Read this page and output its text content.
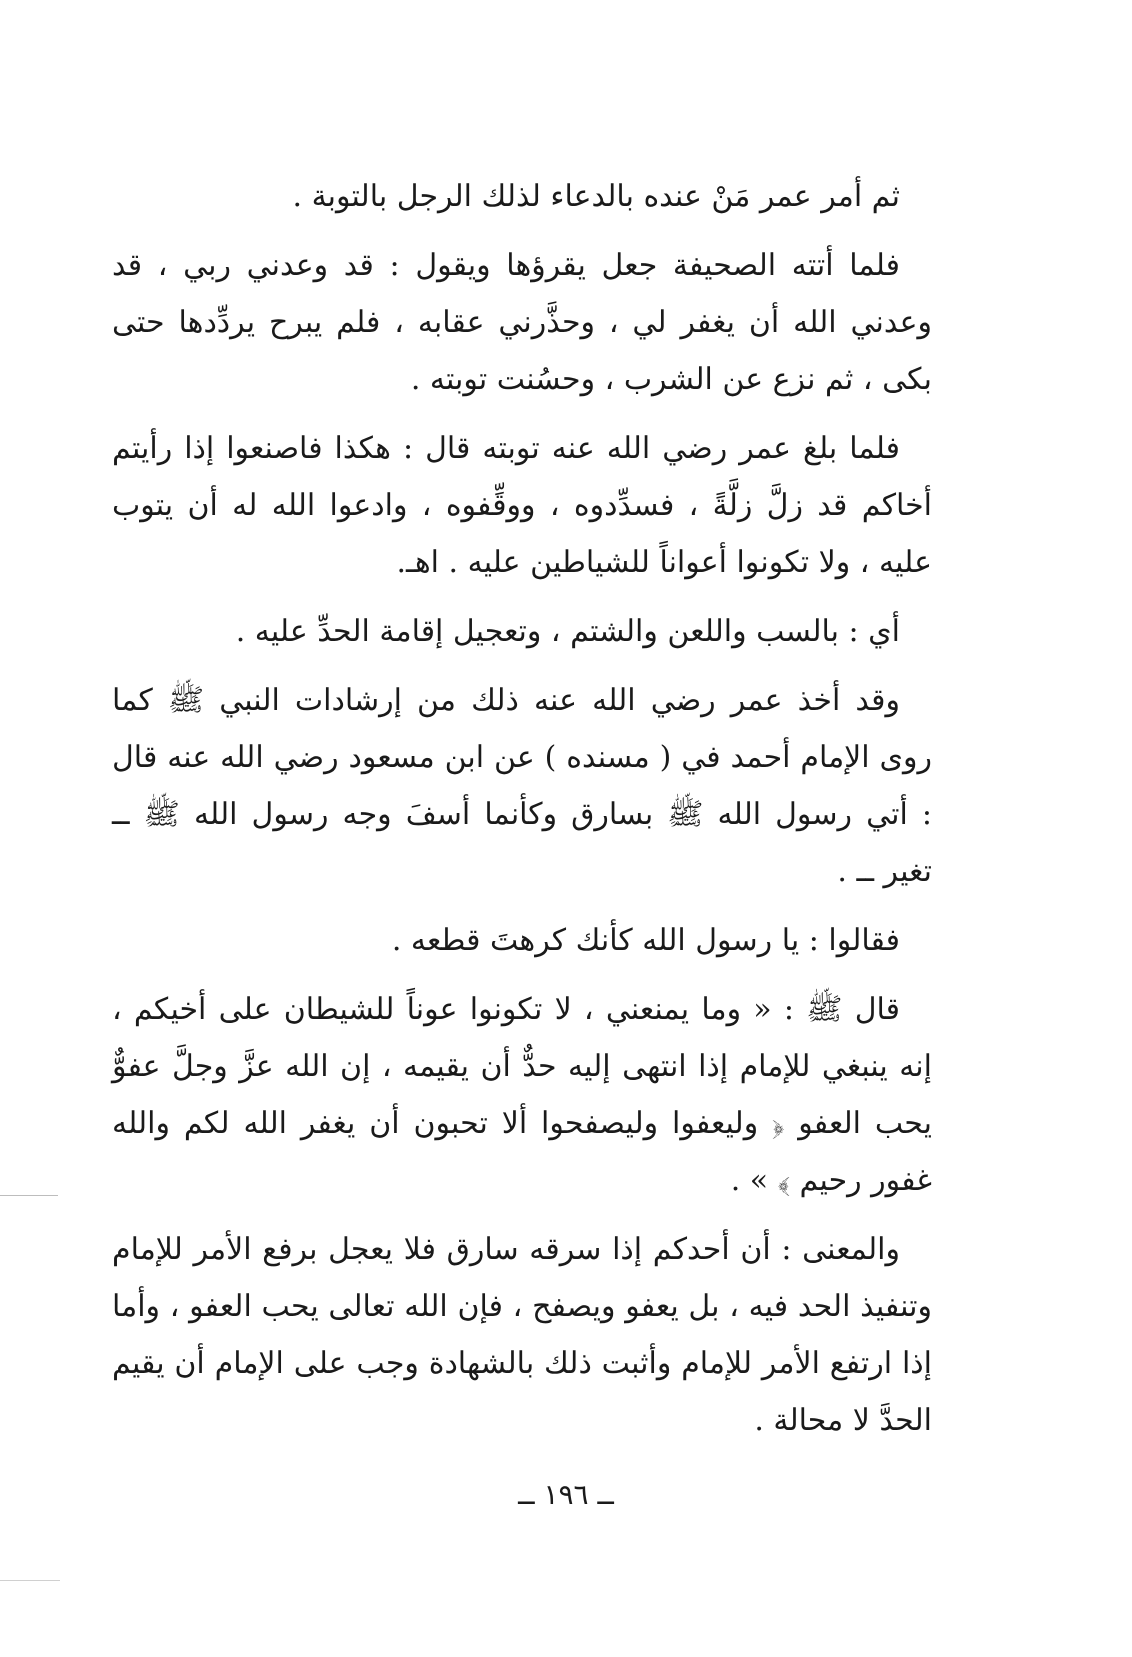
ثم أمر عمر مَنْ عنده بالدعاء لذلك الرجل بالتوبة .

فلما أتته الصحيفة جعل يقرؤها ويقول : قد وعدني ربي ، قد وعدني الله أن يغفر لي ، وحذَّرني عقابه ، فلم يبرح يردِّدها حتى بكى ، ثم نزع عن الشرب ، وحسُنت توبته .

فلما بلغ عمر رضي الله عنه توبته قال : هكذا فاصنعوا إذا رأيتم أخاكم قد زلَّ زلَّةً ، فسدِّدوه ، ووقِّفوه ، وادعوا الله له أن يتوب عليه ، ولا تكونوا أعواناً للشياطين عليه . اهـ.

أي : بالسب واللعن والشتم ، وتعجيل إقامة الحدِّ عليه .

وقد أخذ عمر رضي الله عنه ذلك من إرشادات النبي ﷺ كما روى الإمام أحمد في ( مسنده ) عن ابن مسعود رضي الله عنه قال : أتي رسول الله ﷺ بسارق وكأنما أسفَ وجه رسول الله ﷺ ــ تغير ــ .

فقالوا : يا رسول الله كأنك كرهتَ قطعه .

قال ﷺ : « وما يمنعني ، لا تكونوا عوناً للشيطان على أخيكم ، إنه ينبغي للإمام إذا انتهى إليه حدٌّ أن يقيمه ، إن الله عزَّ وجلَّ عفوٌّ يحب العفو ﴿ وليعفوا وليصفحوا ألا تحبون أن يغفر الله لكم والله غفور رحيم ﴾ » .

والمعنى : أن أحدكم إذا سرقه سارق فلا يعجل برفع الأمر للإمام وتنفيذ الحد فيه ، بل يعفو ويصفح ، فإن الله تعالى يحب العفو ، وأما إذا ارتفع الأمر للإمام وأثبت ذلك بالشهادة وجب على الإمام أن يقيم الحدَّ لا محالة .

ــ ١٩٦ ــ
